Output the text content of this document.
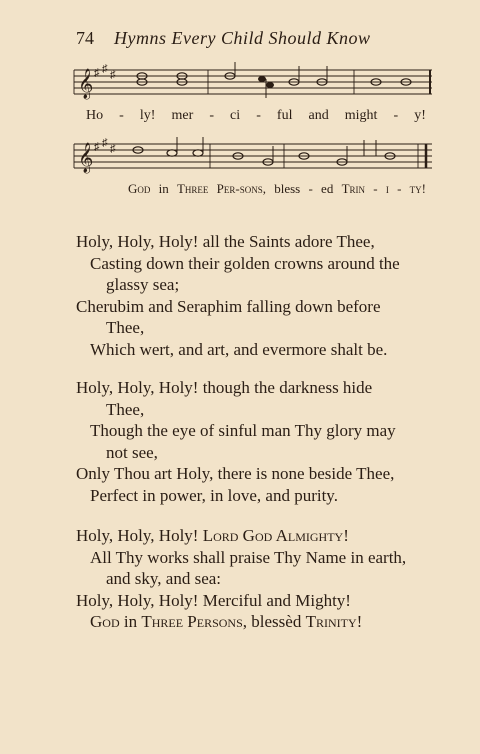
74 Hymns Every Child Should Know
𝄞 ♯ ♯ ♯
Ho - ly! mer - ci - ful and might - y!
𝄞 ♯ ♯ ♯
God in Three Per-sons, bless - ed Trin - i - ty!
Holy, Holy, Holy! all the Saints adore Thee,
Casting down their golden crowns around the
glassy sea;
Cherubim and Seraphim falling down before
Thee,
Which wert, and art, and evermore shalt be.
Holy, Holy, Holy! though the darkness hide
Thee,
Though the eye of sinful man Thy glory may
not see,
Only Thou art Holy, there is none beside Thee,
Perfect in power, in love, and purity.
Holy, Holy, Holy! Lord God Almighty!
All Thy works shall praise Thy Name in earth,
and sky, and sea:
Holy, Holy, Holy! Merciful and Mighty!
God in Three Persons, blessèd Trinity!
